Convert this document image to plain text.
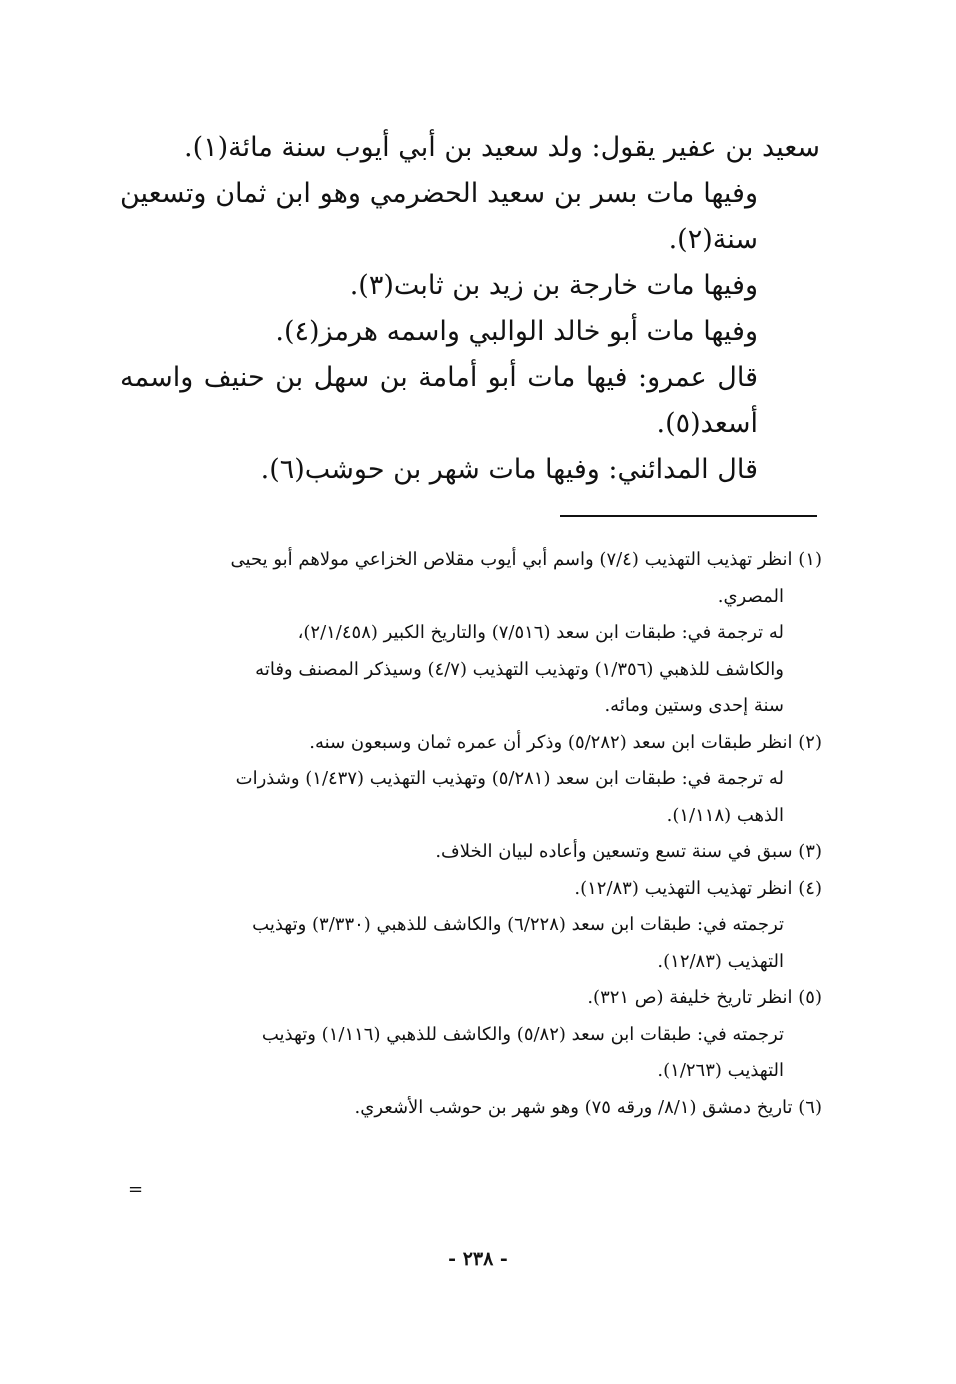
سعيد بن عفير يقول: ولد سعيد بن أبي أيوب سنة مائة(١).

وفيها مات بسر بن سعيد الحضرمي وهو ابن ثمان وتسعين سنة(٢).

وفيها مات خارجة بن زيد بن ثابت(٣).

وفيها مات أبو خالد الوالبي واسمه هرمز(٤).

قال عمرو: فيها مات أبو أمامة بن سهل بن حنيف واسمه أسعد(٥).

قال المدائني: وفيها مات شهر بن حوشب(٦).

(١) انظر تهذيب التهذيب (٧/٤) واسم أبي أيوب مقلاص الخزاعي مولاهم أبو يحيى

المصري.

له ترجمة في: طبقات ابن سعد (٧/٥١٦) والتاريخ الكبير (٢/١/٤٥٨)،

والكاشف للذهبي (١/٣٥٦) وتهذيب التهذيب (٤/٧) وسيذكر المصنف وفاته

سنة إحدى وستين ومائه.

(٢) انظر طبقات ابن سعد (٥/٢٨٢) وذكر أن عمره ثمان وسبعون سنه.

له ترجمة في: طبقات ابن سعد (٥/٢٨١) وتهذيب التهذيب (١/٤٣٧) وشذرات

الذهب (١/١١٨).

(٣) سبق في سنة تسع وتسعين وأعاده لبيان الخلاف.

(٤) انظر تهذيب التهذيب (١٢/٨٣).

ترجمته في: طبقات ابن سعد (٦/٢٢٨) والكاشف للذهبي (٣/٣٣٠) وتهذيب

التهذيب (١٢/٨٣).

(٥) انظر تاريخ خليفة (ص ٣٢١).

ترجمته في: طبقات ابن سعد (٥/٨٢) والكاشف للذهبي (١/١١٦) وتهذيب

التهذيب (١/٢٦٣).

(٦) تاريخ دمشق (٨/١/ ورقه ٧٥) وهو شهر بن حوشب الأشعري.

=
- ٢٣٨ -
